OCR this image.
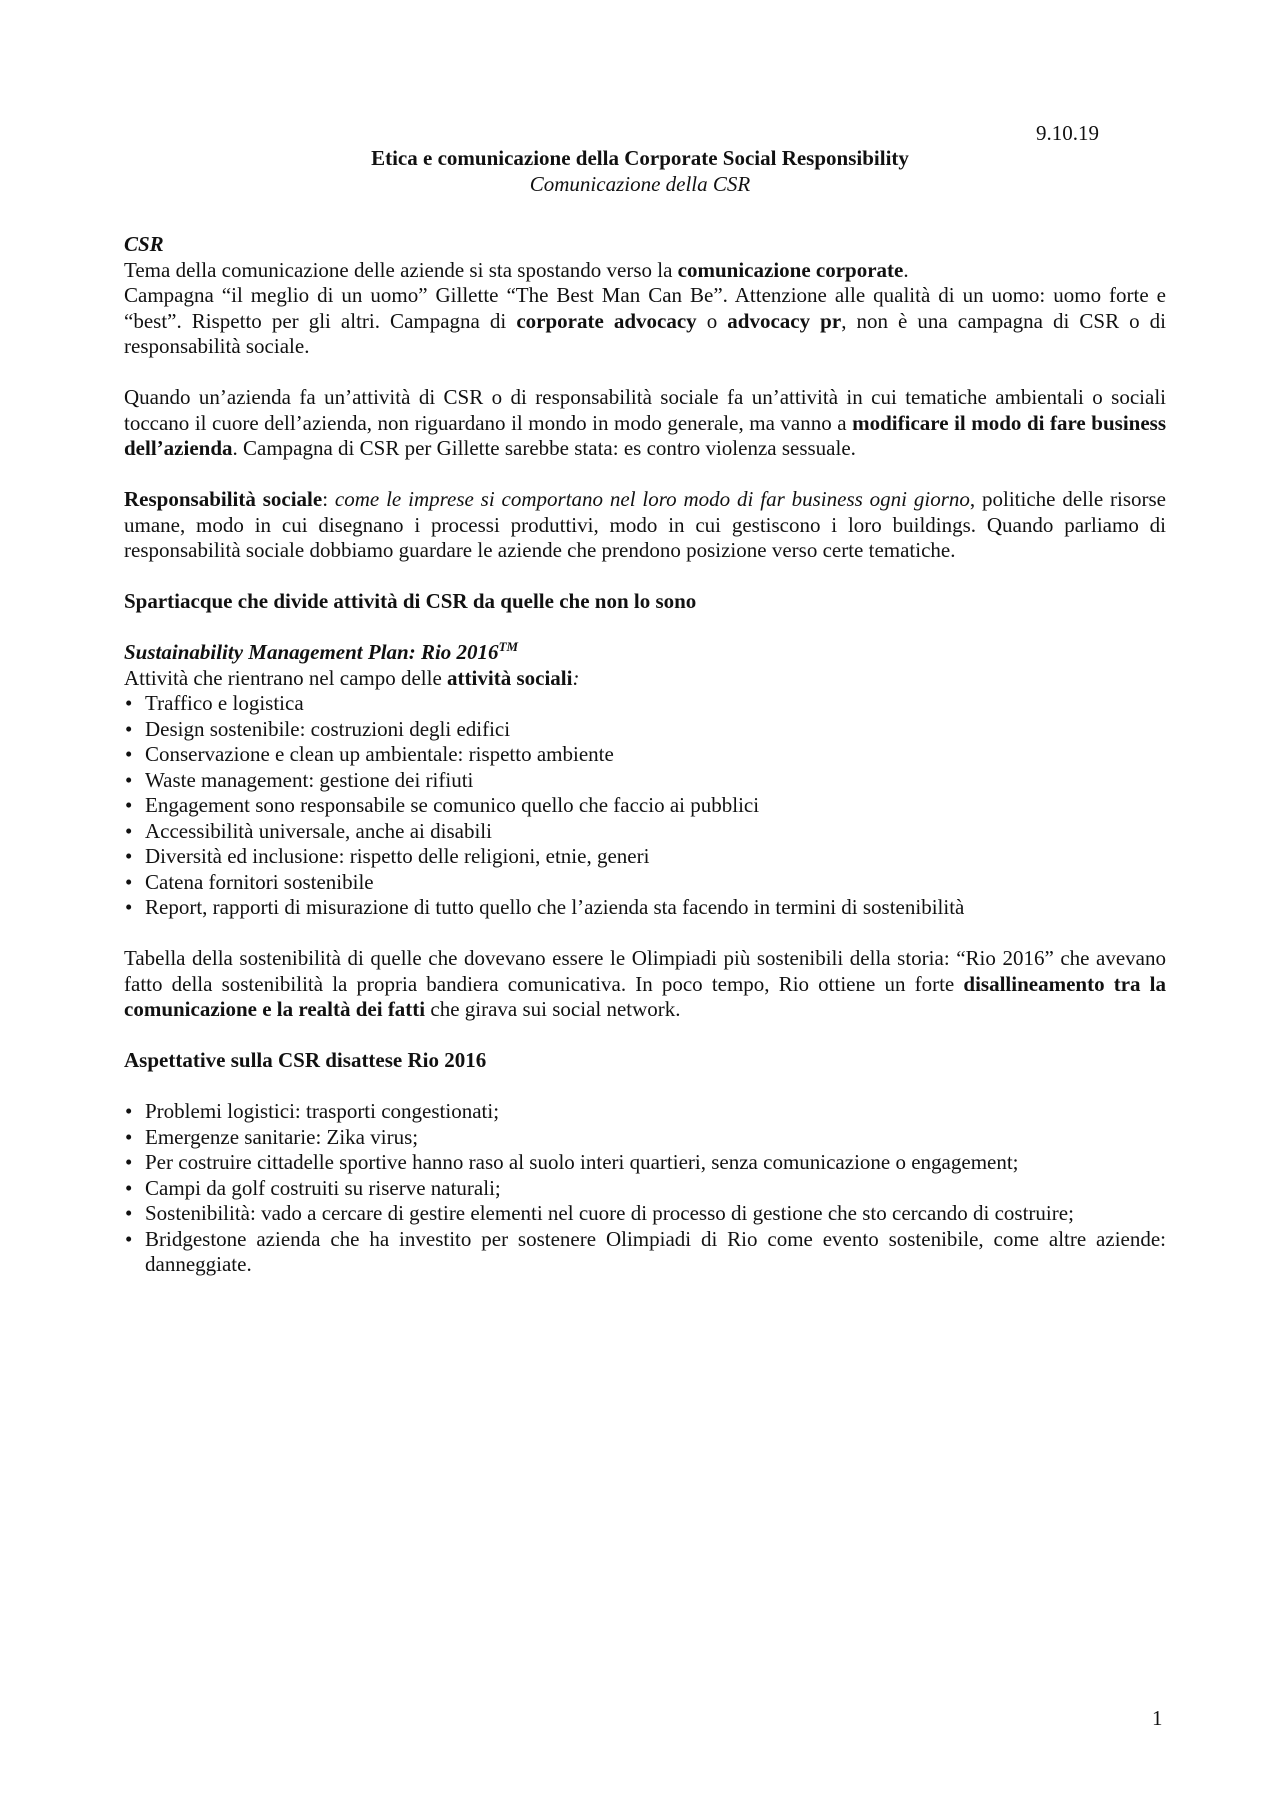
9.10.19

Etica e comunicazione della Corporate Social Responsibility

Comunicazione della CSR

CSR

Tema della comunicazione delle aziende si sta spostando verso la comunicazione corporate.

Campagna “il meglio di un uomo” Gillette “The Best Man Can Be”. Attenzione alle qualità di un uomo: uomo forte e “best”. Rispetto per gli altri. Campagna di corporate advocacy o advocacy pr, non è una campagna di CSR o di responsabilità sociale.

Quando un’azienda fa un’attività di CSR o di responsabilità sociale fa un’attività in cui tematiche ambientali o sociali toccano il cuore dell’azienda, non riguardano il mondo in modo generale, ma vanno a modificare il modo di fare business dell’azienda. Campagna di CSR per Gillette sarebbe stata: es contro violenza sessuale.

Responsabilità sociale: come le imprese si comportano nel loro modo di far business ogni giorno, politiche delle risorse umane, modo in cui disegnano i processi produttivi, modo in cui gestiscono i loro buildings. Quando parliamo di responsabilità sociale dobbiamo guardare le aziende che prendono posizione verso certe tematiche.

Spartiacque che divide attività di CSR da quelle che non lo sono

Sustainability Management Plan: Rio 2016™

Attività che rientrano nel campo delle attività sociali:

• Traffico e logistica
• Design sostenibile: costruzioni degli edifici
• Conservazione e clean up ambientale: rispetto ambiente
• Waste management: gestione dei rifiuti
• Engagement sono responsabile se comunico quello che faccio ai pubblici
• Accessibilità universale, anche ai disabili
• Diversità ed inclusione: rispetto delle religioni, etnie, generi
• Catena fornitori sostenibile
• Report, rapporti di misurazione di tutto quello che l’azienda sta facendo in termini di sostenibilità

Tabella della sostenibilità di quelle che dovevano essere le Olimpiadi più sostenibili della storia: “Rio 2016” che avevano fatto della sostenibilità la propria bandiera comunicativa. In poco tempo, Rio ottiene un forte disallineamento tra la comunicazione e la realtà dei fatti che girava sui social network.

Aspettative sulla CSR disattese Rio 2016

• Problemi logistici: trasporti congestionati;
• Emergenze sanitarie: Zika virus;
• Per costruire cittadelle sportive hanno raso al suolo interi quartieri, senza comunicazione o engagement;
• Campi da golf costruiti su riserve naturali;
• Sostenibilità: vado a cercare di gestire elementi nel cuore di processo di gestione che sto cercando di costruire;
• Bridgestone azienda che ha investito per sostenere Olimpiadi di Rio come evento sostenibile, come altre aziende: danneggiate.

1
